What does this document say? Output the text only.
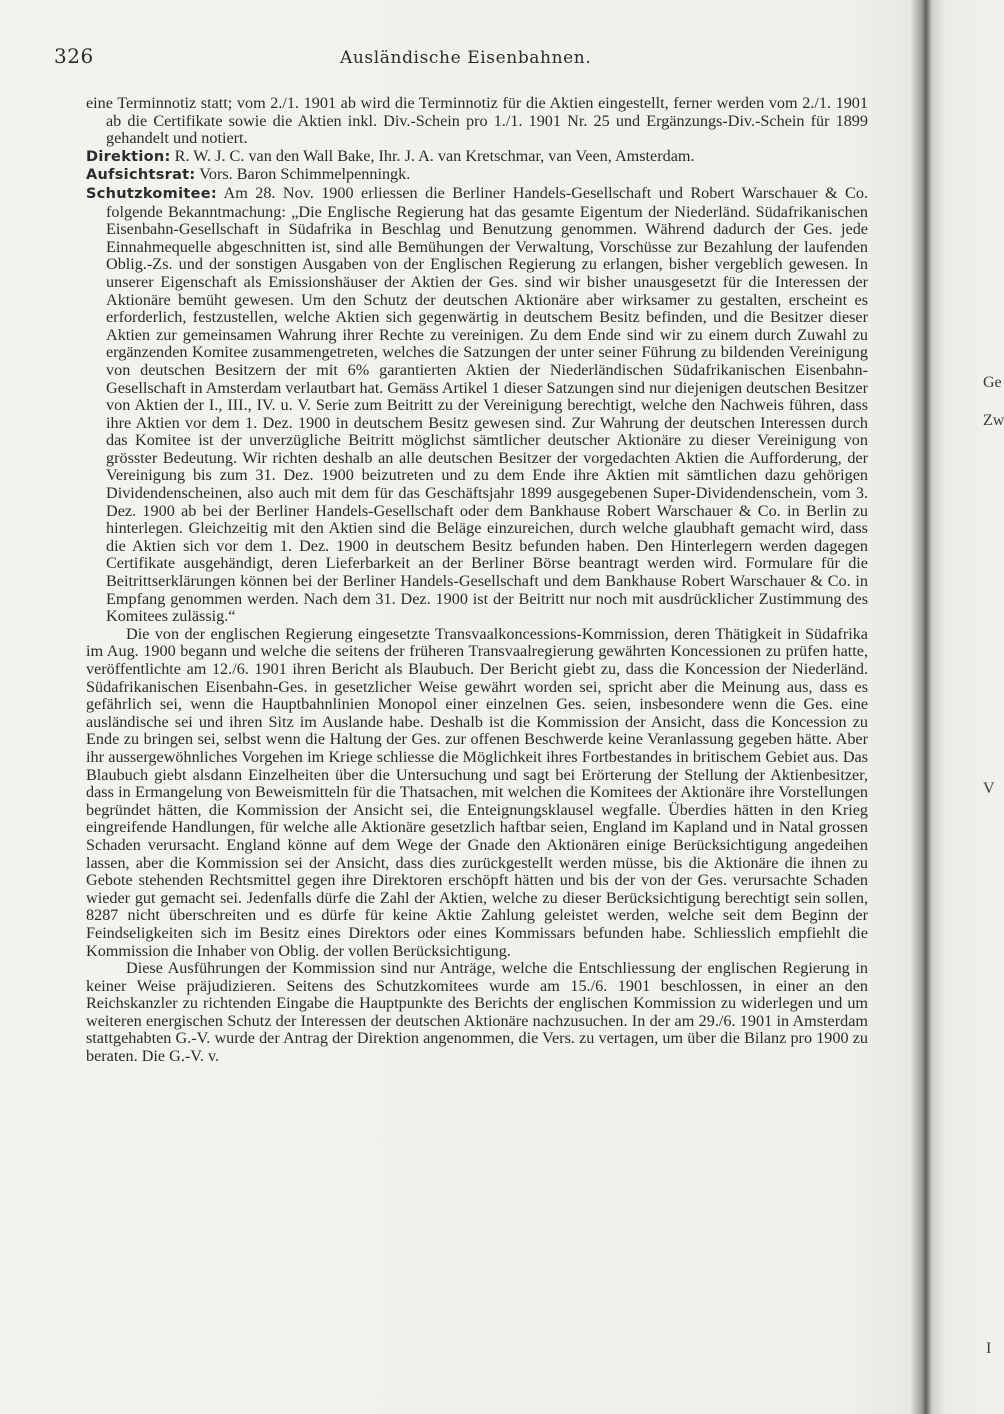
326	Ausländische Eisenbahnen.

eine Terminnotiz statt; vom 2./1. 1901 ab wird die Terminnotiz für die Aktien eingestellt, ferner werden vom 2./1. 1901 ab die Certifikate sowie die Aktien inkl. Div.-Schein pro 1./1. 1901 Nr. 25 und Ergänzungs-Div.-Schein für 1899 gehandelt und notiert.

Direktion: R. W. J. C. van den Wall Bake, Ihr. J. A. van Kretschmar, van Veen, Amsterdam.

Aufsichtsrat: Vors. Baron Schimmelpenningk.

Schutzkomitee: Am 28. Nov. 1900 erliessen die Berliner Handels-Gesellschaft und Robert Warschauer & Co. folgende Bekanntmachung: „Die Englische Regierung hat das gesamte Eigentum der Niederländ. Südafrikanischen Eisenbahn-Gesellschaft in Südafrika in Beschlag und Benutzung genommen. Während dadurch der Ges. jede Einnahmequelle abgeschnitten ist, sind alle Bemühungen der Verwaltung, Vorschüsse zur Bezahlung der laufenden Oblig.-Zs. und der sonstigen Ausgaben von der Englischen Regierung zu erlangen, bisher vergeblich gewesen. In unserer Eigenschaft als Emissionshäuser der Aktien der Ges. sind wir bisher unausgesetzt für die Interessen der Aktionäre bemüht gewesen. Um den Schutz der deutschen Aktionäre aber wirksamer zu gestalten, erscheint es erforderlich, festzustellen, welche Aktien sich gegenwärtig in deutschem Besitz befinden, und die Besitzer dieser Aktien zur gemeinsamen Wahrung ihrer Rechte zu vereinigen. Zu dem Ende sind wir zu einem durch Zuwahl zu ergänzenden Komitee zusammengetreten, welches die Satzungen der unter seiner Führung zu bildenden Vereinigung von deutschen Besitzern der mit 6% garantierten Aktien der Niederländischen Südafrikanischen Eisenbahn-Gesellschaft in Amsterdam verlautbart hat. Gemäss Artikel 1 dieser Satzungen sind nur diejenigen deutschen Besitzer von Aktien der I., III., IV. u. V. Serie zum Beitritt zu der Vereinigung berechtigt, welche den Nachweis führen, dass ihre Aktien vor dem 1. Dez. 1900 in deutschem Besitz gewesen sind. Zur Wahrung der deutschen Interessen durch das Komitee ist der unverzügliche Beitritt möglichst sämtlicher deutscher Aktionäre zu dieser Vereinigung von grösster Bedeutung. Wir richten deshalb an alle deutschen Besitzer der vorgedachten Aktien die Aufforderung, der Vereinigung bis zum 31. Dez. 1900 beizutreten und zu dem Ende ihre Aktien mit sämtlichen dazu gehörigen Dividendenscheinen, also auch mit dem für das Geschäftsjahr 1899 ausgegebenen Super-Dividendenschein, vom 3. Dez. 1900 ab bei der Berliner Handels-Gesellschaft oder dem Bankhause Robert Warschauer & Co. in Berlin zu hinterlegen. Gleichzeitig mit den Aktien sind die Beläge einzureichen, durch welche glaubhaft gemacht wird, dass die Aktien sich vor dem 1. Dez. 1900 in deutschem Besitz befunden haben. Den Hinterlegern werden dagegen Certifikate ausgehändigt, deren Lieferbarkeit an der Berliner Börse beantragt werden wird. Formulare für die Beitrittserklärungen können bei der Berliner Handels-Gesellschaft und dem Bankhause Robert Warschauer & Co. in Empfang genommen werden. Nach dem 31. Dez. 1900 ist der Beitritt nur noch mit ausdrücklicher Zustimmung des Komitees zulässig.“

Die von der englischen Regierung eingesetzte Transvaalkoncessions-Kommission, deren Thätigkeit in Südafrika im Aug. 1900 begann und welche die seitens der früheren Transvaalregierung gewährten Koncessionen zu prüfen hatte, veröffentlichte am 12./6. 1901 ihren Bericht als Blaubuch. Der Bericht giebt zu, dass die Koncession der Niederländ. Südafrikanischen Eisenbahn-Ges. in gesetzlicher Weise gewährt worden sei, spricht aber die Meinung aus, dass es gefährlich sei, wenn die Hauptbahnlinien Monopol einer einzelnen Ges. seien, insbesondere wenn die Ges. eine ausländische sei und ihren Sitz im Auslande habe. Deshalb ist die Kommission der Ansicht, dass die Koncession zu Ende zu bringen sei, selbst wenn die Haltung der Ges. zur offenen Beschwerde keine Veranlassung gegeben hätte. Aber ihr aussergewöhnliches Vorgehen im Kriege schliesse die Möglichkeit ihres Fortbestandes in britischem Gebiet aus. Das Blaubuch giebt alsdann Einzelheiten über die Untersuchung und sagt bei Erörterung der Stellung der Aktienbesitzer, dass in Ermangelung von Beweismitteln für die Thatsachen, mit welchen die Komitees der Aktionäre ihre Vorstellungen begründet hätten, die Kommission der Ansicht sei, die Enteignungsklausel wegfalle. Überdies hätten in den Krieg eingreifende Handlungen, für welche alle Aktionäre gesetzlich haftbar seien, England im Kapland und in Natal grossen Schaden verursacht. England könne auf dem Wege der Gnade den Aktionären einige Berücksichtigung angedeihen lassen, aber die Kommission sei der Ansicht, dass dies zurückgestellt werden müsse, bis die Aktionäre die ihnen zu Gebote stehenden Rechtsmittel gegen ihre Direktoren erschöpft hätten und bis der von der Ges. verursachte Schaden wieder gut gemacht sei. Jedenfalls dürfe die Zahl der Aktien, welche zu dieser Berücksichtigung berechtigt sein sollen, 8287 nicht überschreiten und es dürfe für keine Aktie Zahlung geleistet werden, welche seit dem Beginn der Feindseligkeiten sich im Besitz eines Direktors oder eines Kommissars befunden habe. Schliesslich empfiehlt die Kommission die Inhaber von Oblig. der vollen Berücksichtigung.

Diese Ausführungen der Kommission sind nur Anträge, welche die Entschliessung der englischen Regierung in keiner Weise präjudizieren. Seitens des Schutzkomitees wurde am 15./6. 1901 beschlossen, in einer an den Reichskanzler zu richtenden Eingabe die Hauptpunkte des Berichts der englischen Kommission zu widerlegen und um weiteren energischen Schutz der Interessen der deutschen Aktionäre nachzusuchen. In der am 29./6. 1901 in Amsterdam stattgehabten G.-V. wurde der Antrag der Direktion angenommen, die Vers. zu vertagen, um über die Bilanz pro 1900 zu beraten. Die G.-V. v.

Ge
Zw
V
I
